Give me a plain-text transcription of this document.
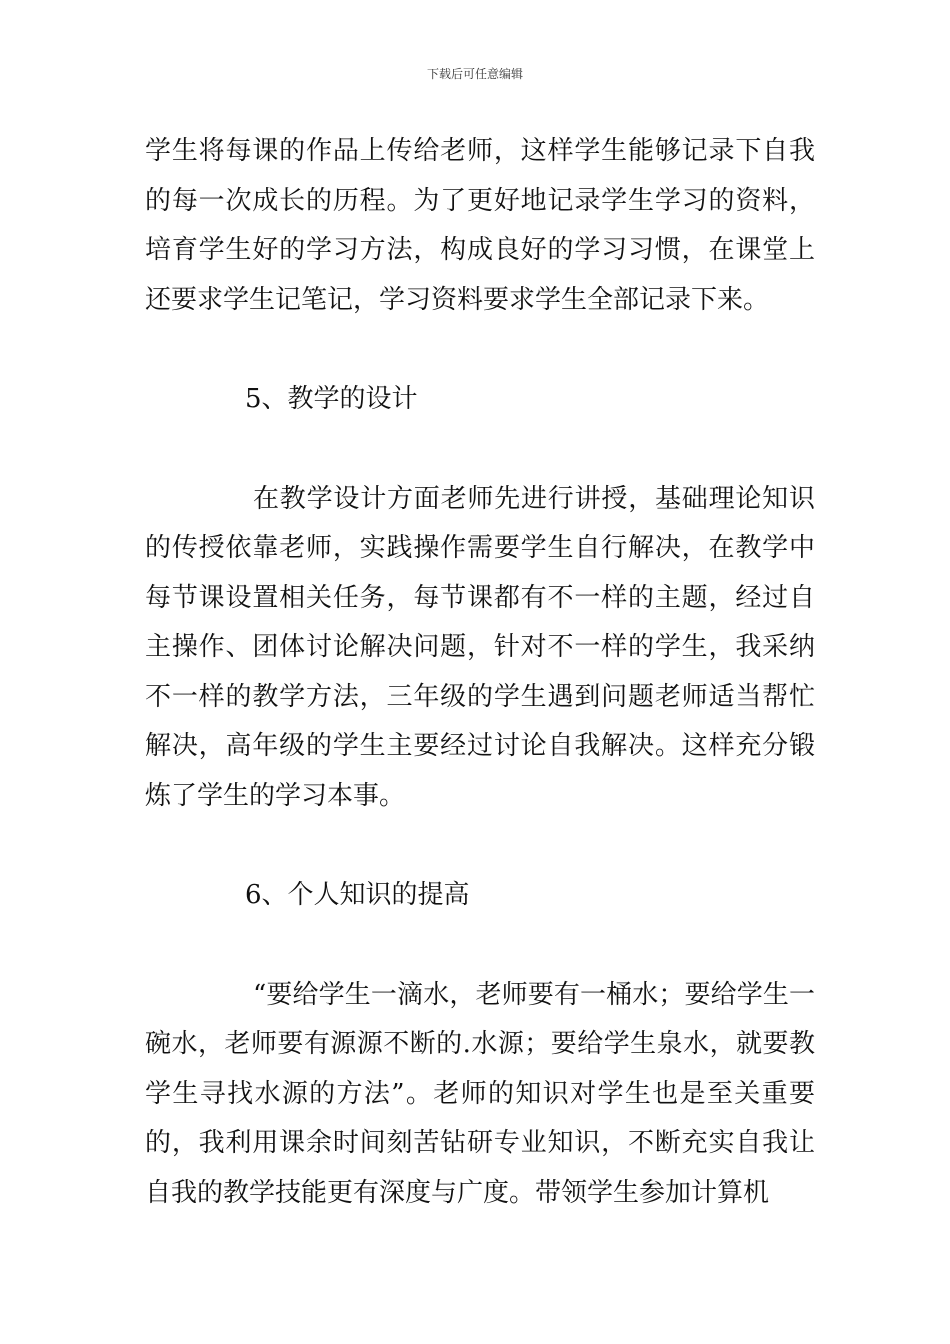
下载后可任意编辑

学生将每课的作品上传给老师，这样学生能够记录下自我的每一次成长的历程。为了更好地记录学生学习的资料，培育学生好的学习方法，构成良好的学习习惯，在课堂上还要求学生记笔记，学习资料要求学生全部记录下来。

5、教学的设计

在教学设计方面老师先进行讲授，基础理论知识的传授依靠老师，实践操作需要学生自行解决，在教学中每节课设置相关任务，每节课都有不一样的主题，经过自主操作、团体讨论解决问题，针对不一样的学生，我采纳不一样的教学方法，三年级的学生遇到问题老师适当帮忙解决，高年级的学生主要经过讨论自我解决。这样充分锻炼了学生的学习本事。

6、个人知识的提高

“要给学生一滴水，老师要有一桶水；要给学生一碗水，老师要有源源不断的.水源；要给学生泉水，就要教学生寻找水源的方法”。老师的知识对学生也是至关重要的，我利用课余时间刻苦钻研专业知识，不断充实自我让自我的教学技能更有深度与广度。带领学生参加计算机
